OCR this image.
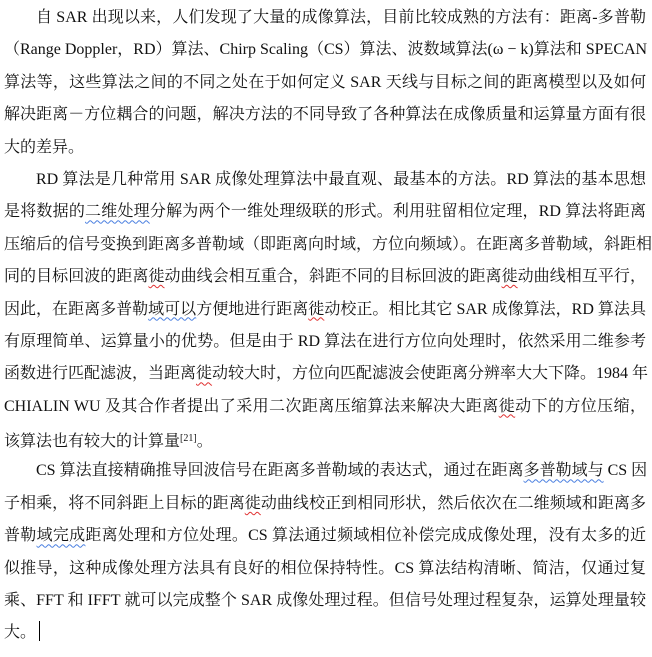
自 SAR 出现以来，人们发现了大量的成像算法，目前比较成熟的方法有：距离-多普勒
（Range Doppler，RD）算法、Chirp Scaling（CS）算法、波数域算法(ω − k)算法和 SPECAN
算法等，这些算法之间的不同之处在于如何定义 SAR 天线与目标之间的距离模型以及如何
解决距离－方位耦合的问题，解决方法的不同导致了各种算法在成像质量和运算量方面有很
大的差异。
RD 算法是几种常用 SAR 成像处理算法中最直观、最基本的方法。RD 算法的基本思想
是将数据的二维处理分解为两个一维处理级联的形式。利用驻留相位定理，RD 算法将距离
压缩后的信号变换到距离多普勒域（即距离向时域，方位向频域）。在距离多普勒域，斜距相
同的目标回波的距离徙动曲线会相互重合，斜距不同的目标回波的距离徙动曲线相互平行，
因此，在距离多普勒域可以方便地进行距离徙动校正。相比其它 SAR 成像算法，RD 算法具
有原理简单、运算量小的优势。但是由于 RD 算法在进行方位向处理时，依然采用二维参考
函数进行匹配滤波，当距离徙动较大时，方位向匹配滤波会使距离分辨率大大下降。1984 年
CHIALIN WU 及其合作者提出了采用二次距离压缩算法来解决大距离徙动下的方位压缩，
该算法也有较大的计算量[21]。
CS 算法直接精确推导回波信号在距离多普勒域的表达式，通过在距离多普勒域与 CS 因
子相乘，将不同斜距上目标的距离徙动曲线校正到相同形状，然后依次在二维频域和距离多
普勒域完成距离处理和方位处理。CS 算法通过频域相位补偿完成成像处理，没有太多的近
似推导，这种成像处理方法具有良好的相位保持特性。CS 算法结构清晰、简洁，仅通过复
乘、FFT 和 IFFT 就可以完成整个 SAR 成像处理过程。但信号处理过程复杂，运算处理量较
大。
